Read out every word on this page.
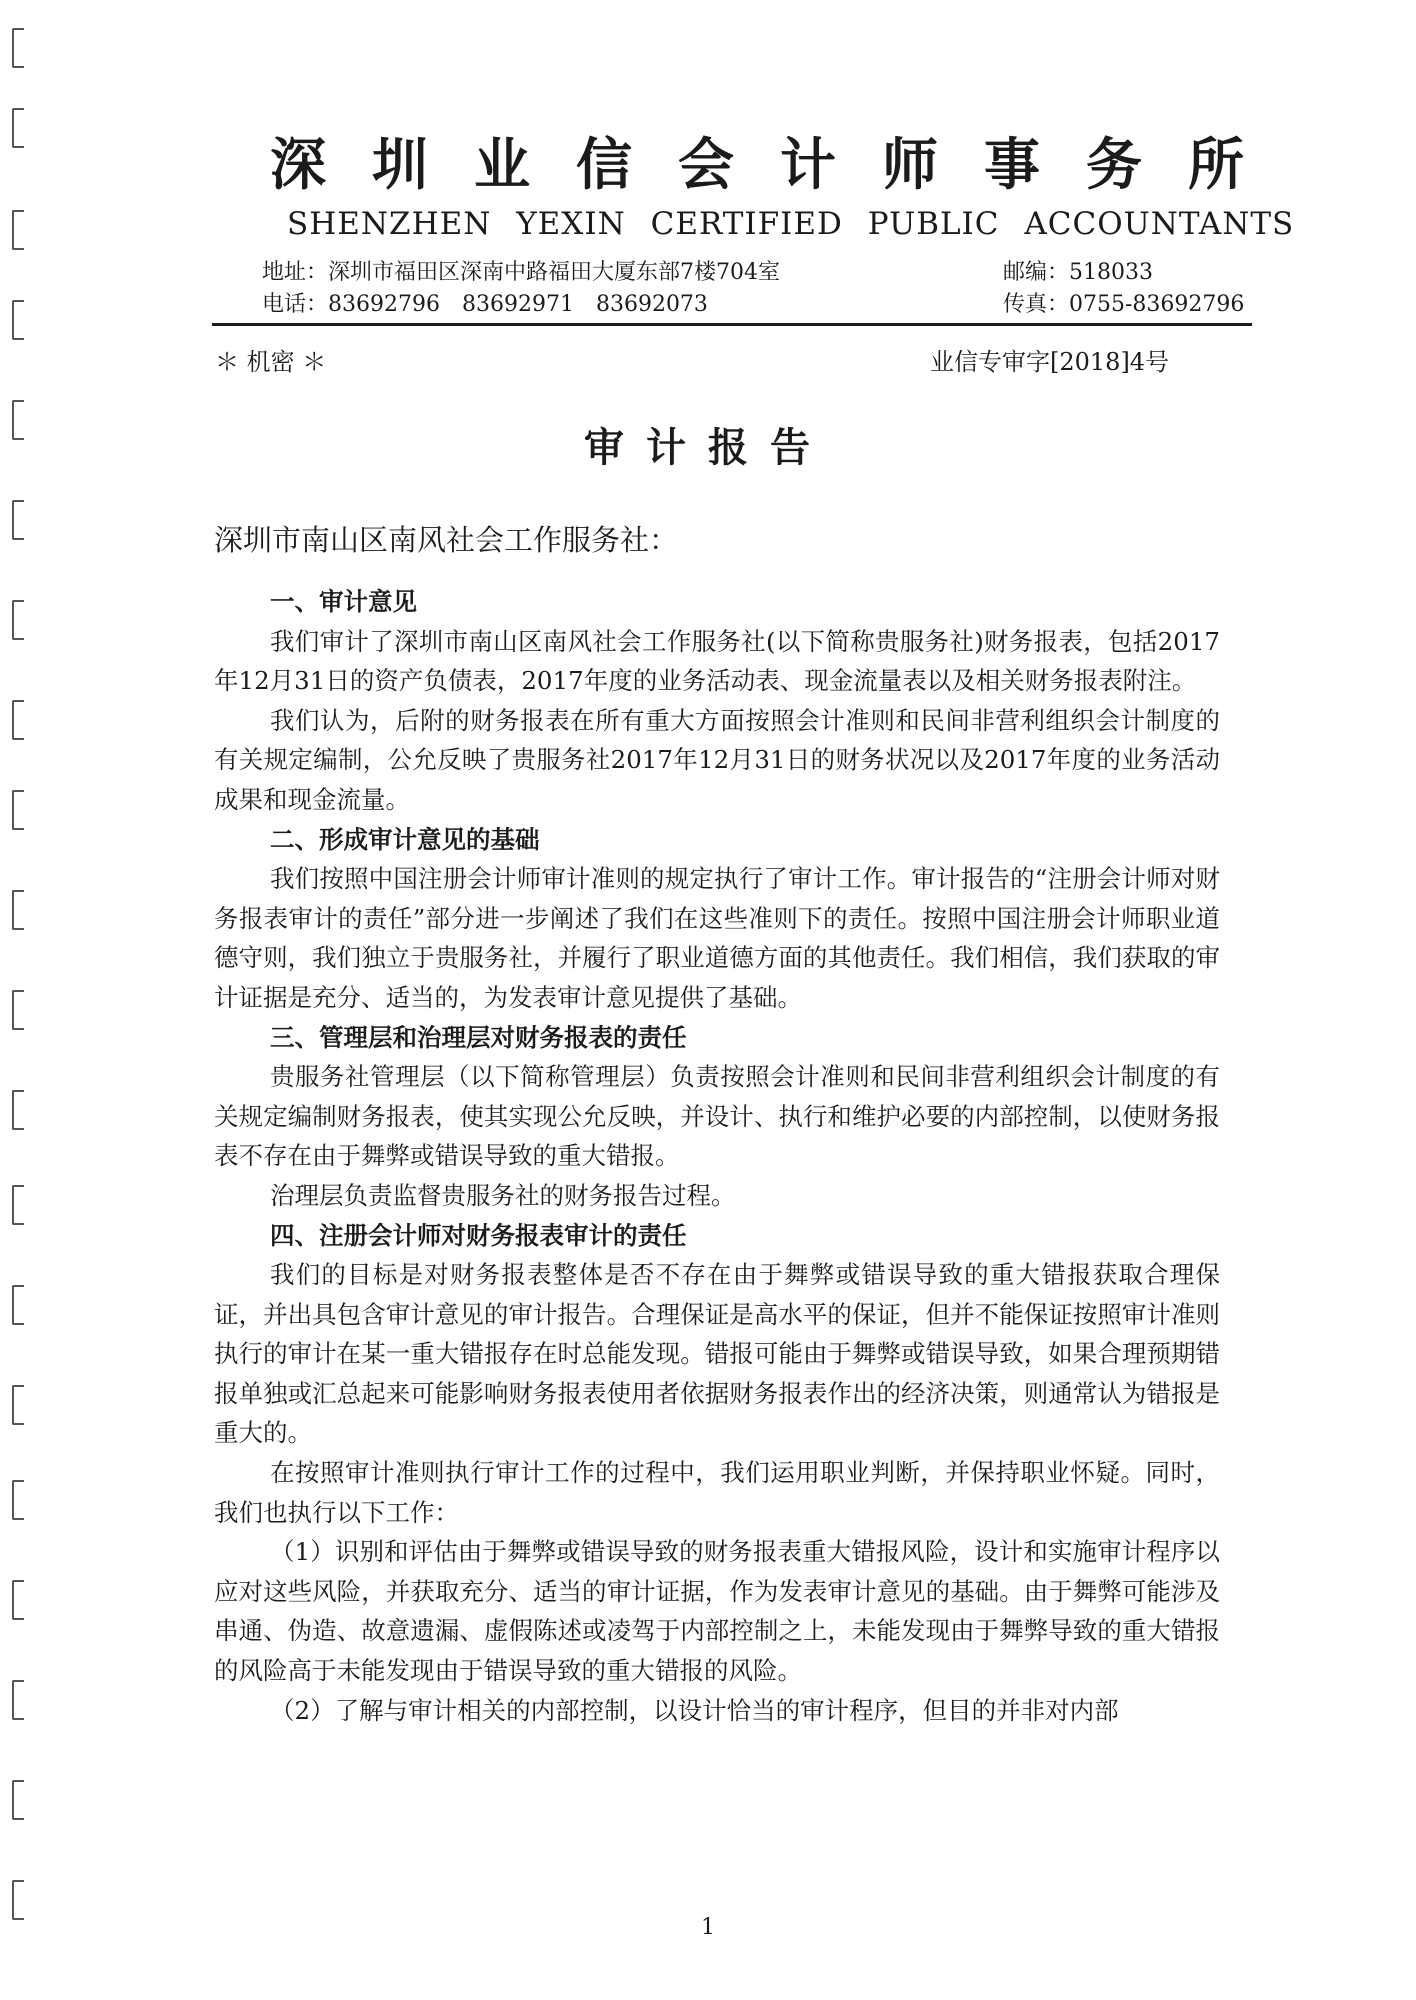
深圳业信会计师事务所
SHENZHEN YEXIN CERTIFIED PUBLIC ACCOUNTANTS
地址：深圳市福田区深南中路福田大厦东部7楼704室	邮编：518033
电话：83692796　83692971　83692073	传真：0755-83692796
＊ 机密 ＊	业信专审字[2018]4号
审计报告
深圳市南山区南风社会工作服务社：

一、审计意见

我们审计了深圳市南山区南风社会工作服务社(以下简称贵服务社)财务报表，包括2017年12月31日的资产负债表，2017年度的业务活动表、现金流量表以及相关财务报表附注。

我们认为，后附的财务报表在所有重大方面按照会计准则和民间非营利组织会计制度的有关规定编制，公允反映了贵服务社2017年12月31日的财务状况以及2017年度的业务活动成果和现金流量。

二、形成审计意见的基础

我们按照中国注册会计师审计准则的规定执行了审计工作。审计报告的“注册会计师对财务报表审计的责任”部分进一步阐述了我们在这些准则下的责任。按照中国注册会计师职业道德守则，我们独立于贵服务社，并履行了职业道德方面的其他责任。我们相信，我们获取的审计证据是充分、适当的，为发表审计意见提供了基础。

三、管理层和治理层对财务报表的责任

贵服务社管理层（以下简称管理层）负责按照会计准则和民间非营利组织会计制度的有关规定编制财务报表，使其实现公允反映，并设计、执行和维护必要的内部控制，以使财务报表不存在由于舞弊或错误导致的重大错报。

治理层负责监督贵服务社的财务报告过程。

四、注册会计师对财务报表审计的责任

我们的目标是对财务报表整体是否不存在由于舞弊或错误导致的重大错报获取合理保证，并出具包含审计意见的审计报告。合理保证是高水平的保证，但并不能保证按照审计准则执行的审计在某一重大错报存在时总能发现。错报可能由于舞弊或错误导致，如果合理预期错报单独或汇总起来可能影响财务报表使用者依据财务报表作出的经济决策，则通常认为错报是重大的。

在按照审计准则执行审计工作的过程中，我们运用职业判断，并保持职业怀疑。同时，我们也执行以下工作：

（1）识别和评估由于舞弊或错误导致的财务报表重大错报风险，设计和实施审计程序以应对这些风险，并获取充分、适当的审计证据，作为发表审计意见的基础。由于舞弊可能涉及串通、伪造、故意遗漏、虚假陈述或凌驾于内部控制之上，未能发现由于舞弊导致的重大错报的风险高于未能发现由于错误导致的重大错报的风险。

（2）了解与审计相关的内部控制，以设计恰当的审计程序，但目的并非对内部

1
